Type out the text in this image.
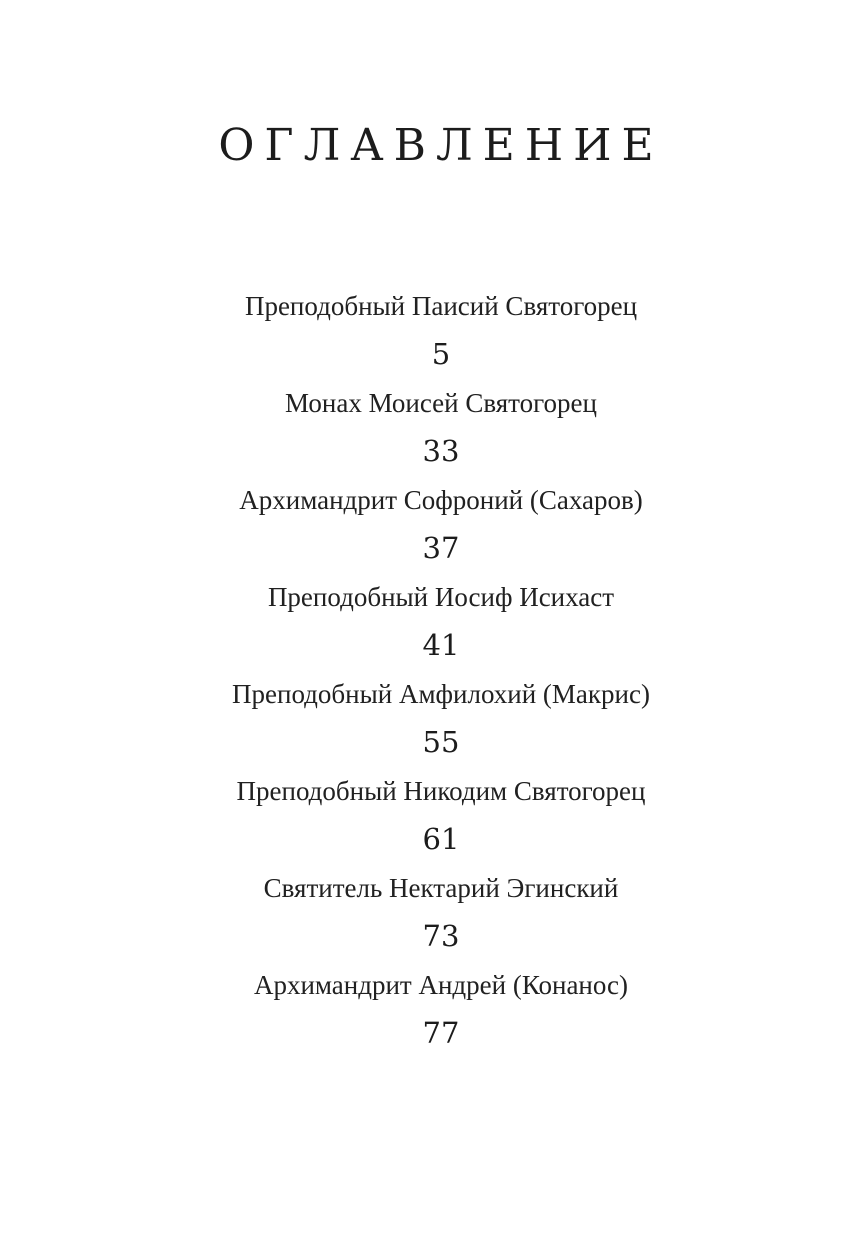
ОГЛАВЛЕНИЕ
Преподобный Паисий Святогорец
5
Монах Моисей Святогорец
33
Архимандрит Софроний (Сахаров)
37
Преподобный Иосиф Исихаст
41
Преподобный Амфилохий (Макрис)
55
Преподобный Никодим Святогорец
61
Святитель Нектарий Эгинский
73
Архимандрит Андрей (Конанос)
77
